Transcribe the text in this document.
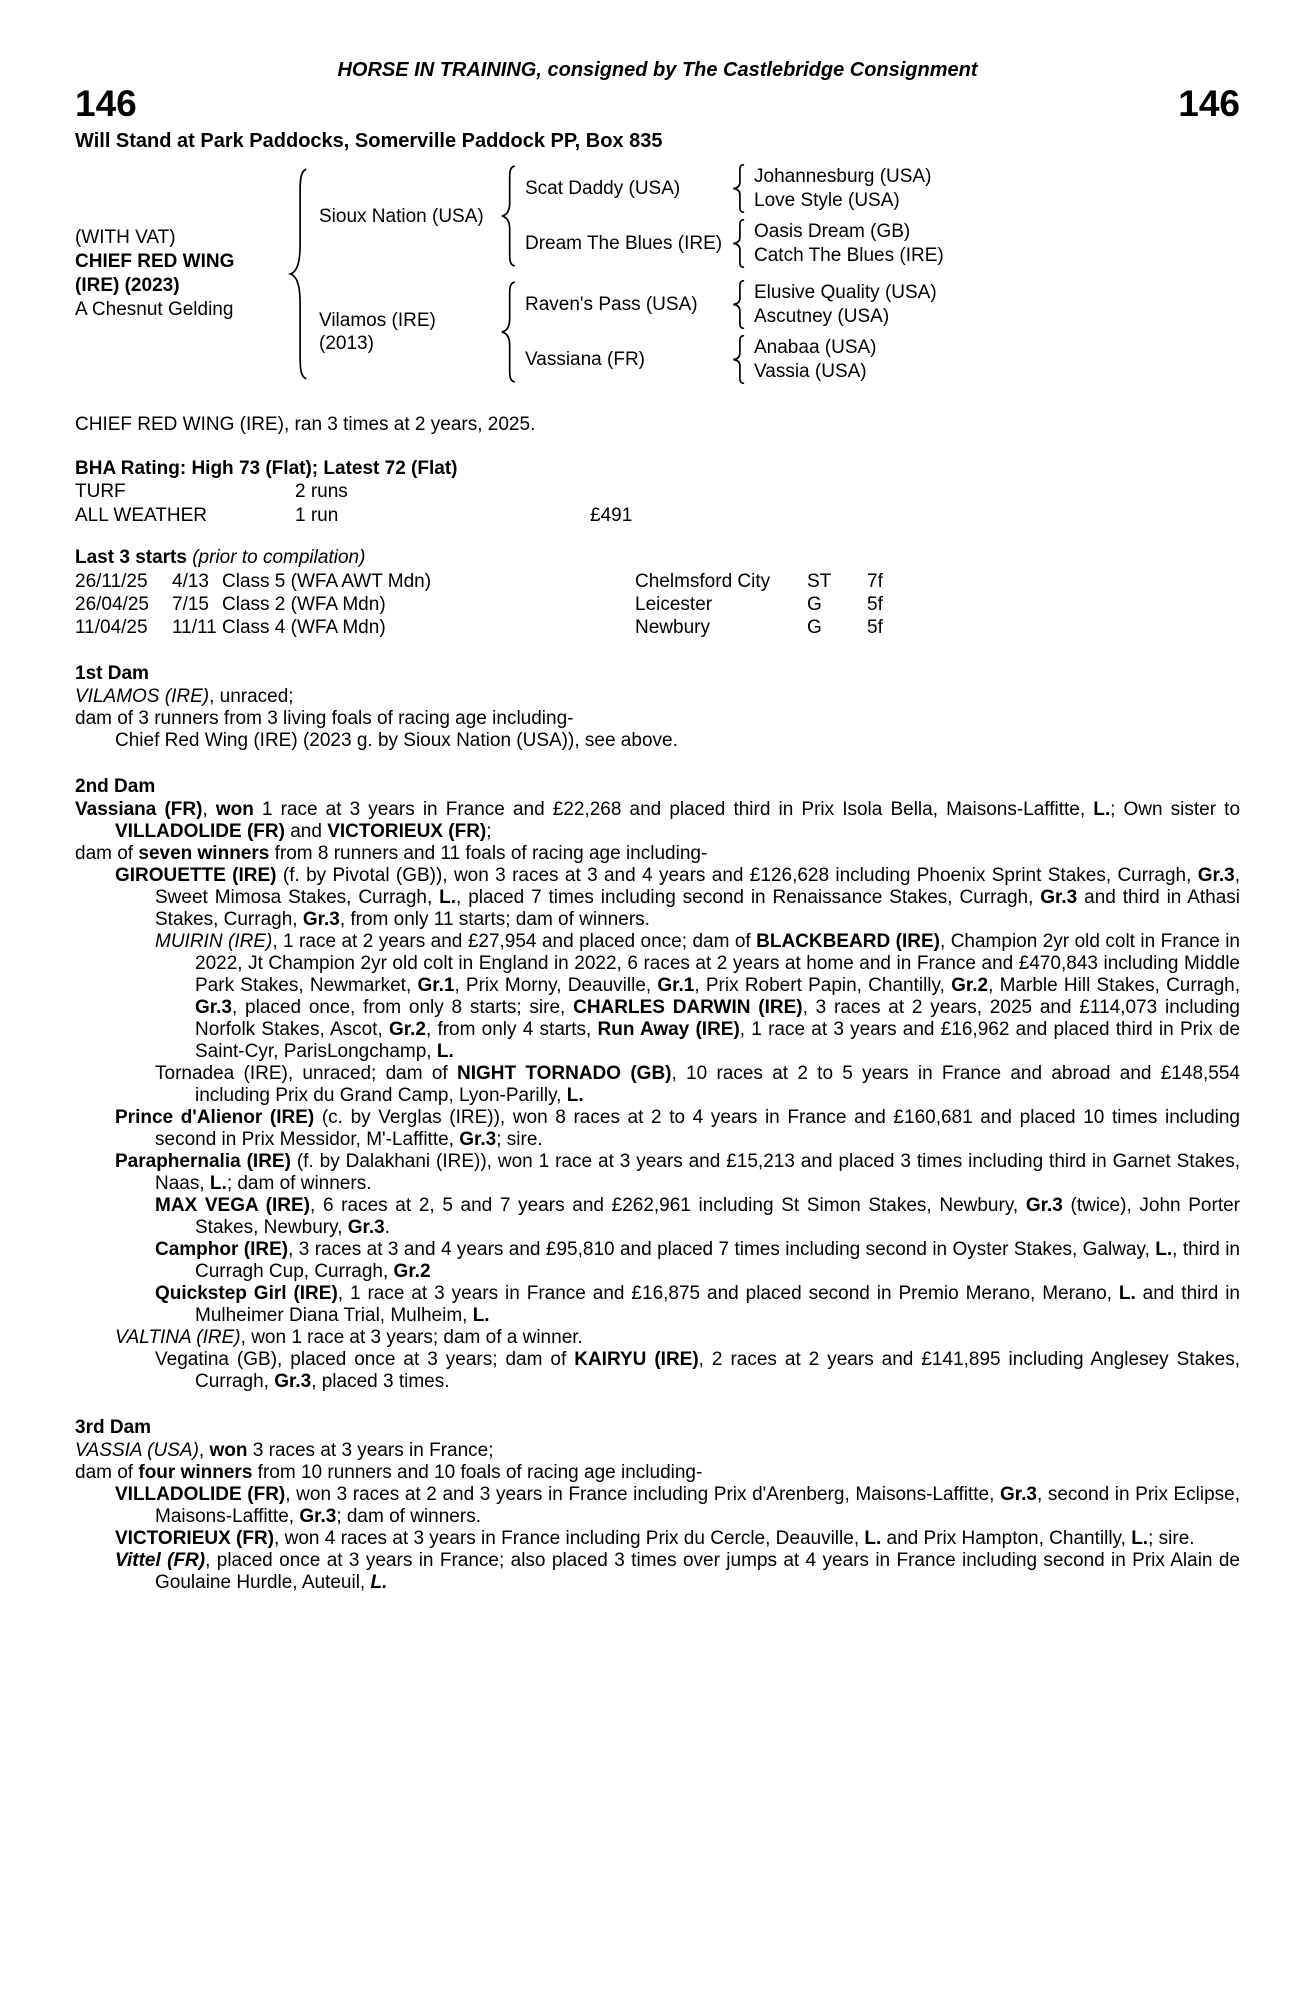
HORSE IN TRAINING, consigned by The Castlebridge Consignment
146	146
Will Stand at Park Paddocks, Somerville Paddock PP, Box 835
(WITH VAT)
CHIEF RED WING
(IRE) (2023)
A Chesnut Gelding
Sioux Nation (USA)
Scat Daddy (USA)
Johannesburg (USA)
Love Style (USA)
Dream The Blues (IRE)
Oasis Dream (GB)
Catch The Blues (IRE)
Vilamos (IRE)
(2013)
Raven's Pass (USA)
Elusive Quality (USA)
Ascutney (USA)
Vassiana (FR)
Anabaa (USA)
Vassia (USA)
CHIEF RED WING (IRE), ran 3 times at 2 years, 2025.
BHA Rating: High 73 (Flat); Latest 72 (Flat)
TURF	2 runs
ALL WEATHER	1 run	£491
Last 3 starts (prior to compilation)
26/11/25	4/13 Class 5 (WFA AWT Mdn)	Chelmsford City	ST	7f
26/04/25	7/15 Class 2 (WFA Mdn)	Leicester	G	5f
11/04/25	11/11 Class 4 (WFA Mdn)	Newbury	G	5f
1st Dam

VILAMOS (IRE), unraced;

dam of 3 runners from 3 living foals of racing age including-

Chief Red Wing (IRE) (2023 g. by Sioux Nation (USA)), see above.

2nd Dam

Vassiana (FR), won 1 race at 3 years in France and £22,268 and placed third in Prix Isola Bella, Maisons-Laffitte, L.; Own sister to VILLADOLIDE (FR) and VICTORIEUX (FR);

dam of seven winners from 8 runners and 11 foals of racing age including-

GIROUETTE (IRE) (f. by Pivotal (GB)), won 3 races at 3 and 4 years and £126,628 including Phoenix Sprint Stakes, Curragh, Gr.3, Sweet Mimosa Stakes, Curragh, L., placed 7 times including second in Renaissance Stakes, Curragh, Gr.3 and third in Athasi Stakes, Curragh, Gr.3, from only 11 starts; dam of winners.

MUIRIN (IRE), 1 race at 2 years and £27,954 and placed once; dam of BLACKBEARD (IRE), Champion 2yr old colt in France in 2022, Jt Champion 2yr old colt in England in 2022, 6 races at 2 years at home and in France and £470,843 including Middle Park Stakes, Newmarket, Gr.1, Prix Morny, Deauville, Gr.1, Prix Robert Papin, Chantilly, Gr.2, Marble Hill Stakes, Curragh, Gr.3, placed once, from only 8 starts; sire, CHARLES DARWIN (IRE), 3 races at 2 years, 2025 and £114,073 including Norfolk Stakes, Ascot, Gr.2, from only 4 starts, Run Away (IRE), 1 race at 3 years and £16,962 and placed third in Prix de Saint-Cyr, ParisLongchamp, L.

Tornadea (IRE), unraced; dam of NIGHT TORNADO (GB), 10 races at 2 to 5 years in France and abroad and £148,554 including Prix du Grand Camp, Lyon-Parilly, L.

Prince d'Alienor (IRE) (c. by Verglas (IRE)), won 8 races at 2 to 4 years in France and £160,681 and placed 10 times including second in Prix Messidor, M'-Laffitte, Gr.3; sire.

Paraphernalia (IRE) (f. by Dalakhani (IRE)), won 1 race at 3 years and £15,213 and placed 3 times including third in Garnet Stakes, Naas, L.; dam of winners.

MAX VEGA (IRE), 6 races at 2, 5 and 7 years and £262,961 including St Simon Stakes, Newbury, Gr.3 (twice), John Porter Stakes, Newbury, Gr.3.

Camphor (IRE), 3 races at 3 and 4 years and £95,810 and placed 7 times including second in Oyster Stakes, Galway, L., third in Curragh Cup, Curragh, Gr.2

Quickstep Girl (IRE), 1 race at 3 years in France and £16,875 and placed second in Premio Merano, Merano, L. and third in Mulheimer Diana Trial, Mulheim, L.

VALTINA (IRE), won 1 race at 3 years; dam of a winner.

Vegatina (GB), placed once at 3 years; dam of KAIRYU (IRE), 2 races at 2 years and £141,895 including Anglesey Stakes, Curragh, Gr.3, placed 3 times.

3rd Dam

VASSIA (USA), won 3 races at 3 years in France;

dam of four winners from 10 runners and 10 foals of racing age including-

VILLADOLIDE (FR), won 3 races at 2 and 3 years in France including Prix d'Arenberg, Maisons-Laffitte, Gr.3, second in Prix Eclipse, Maisons-Laffitte, Gr.3; dam of winners.

VICTORIEUX (FR), won 4 races at 3 years in France including Prix du Cercle, Deauville, L. and Prix Hampton, Chantilly, L.; sire.

Vittel (FR), placed once at 3 years in France; also placed 3 times over jumps at 4 years in France including second in Prix Alain de Goulaine Hurdle, Auteuil, L.
